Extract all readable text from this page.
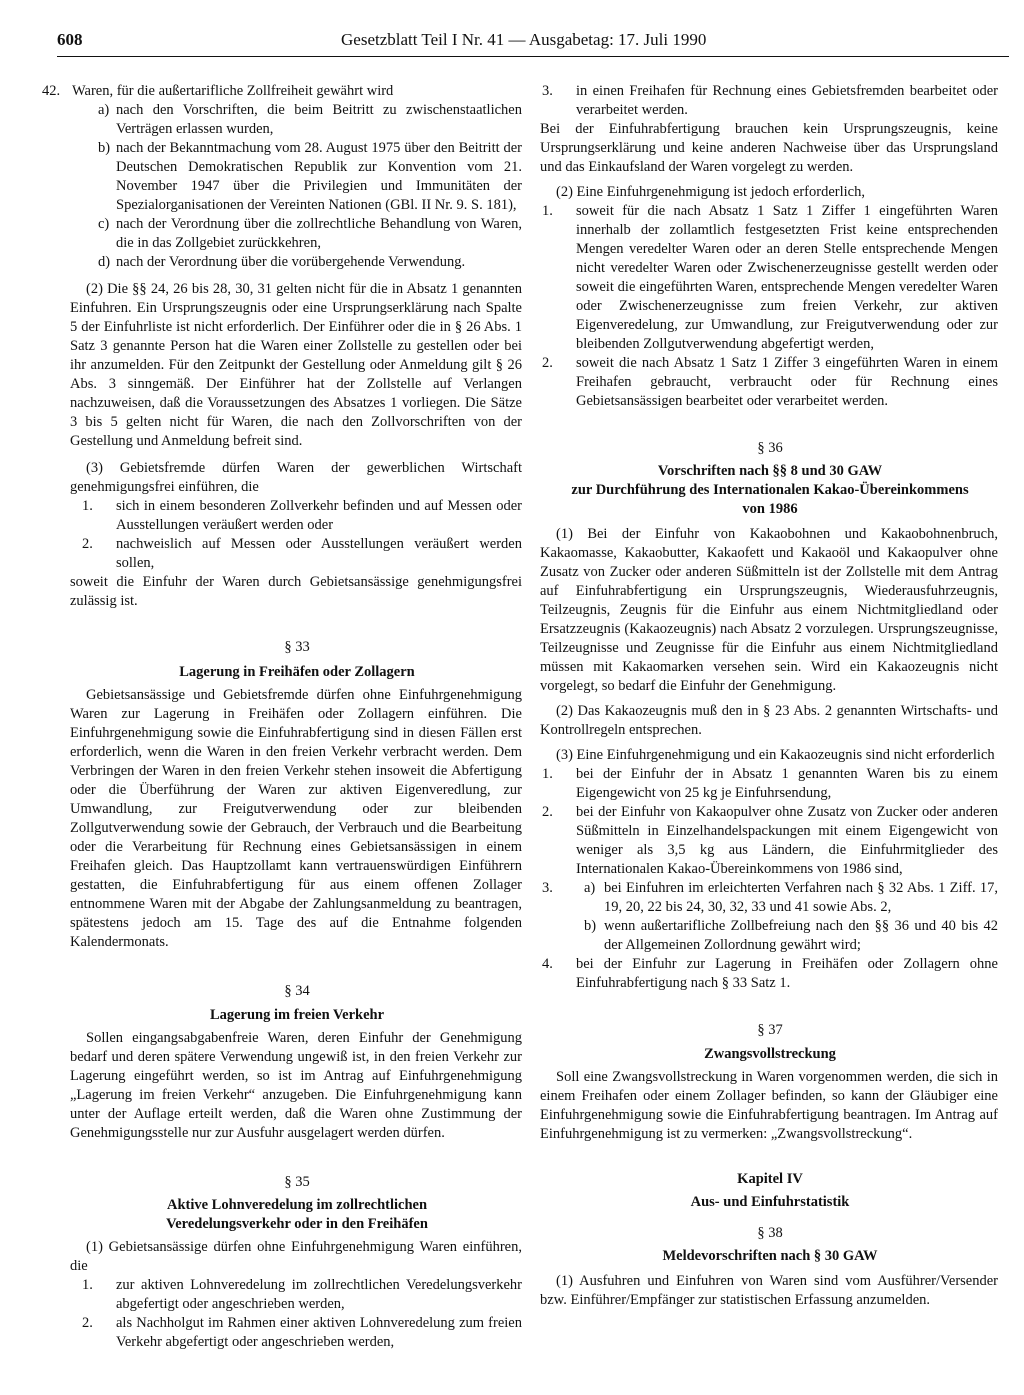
608	Gesetzblatt Teil I Nr. 41 — Ausgabetag: 17. Juli 1990
42. Waren, für die außertarifliche Zollfreiheit gewährt wird
a) nach den Vorschriften, die beim Beitritt zu zwischenstaatlichen Verträgen erlassen wurden,
b) nach der Bekanntmachung vom 28. August 1975 über den Beitritt der Deutschen Demokratischen Republik zur Konvention vom 21. November 1947 über die Privilegien und Immunitäten der Spezialorganisationen der Vereinten Nationen (GBl. II Nr. 9. S. 181),
c) nach der Verordnung über die zollrechtliche Behandlung von Waren, die in das Zollgebiet zurückkehren,
d) nach der Verordnung über die vorübergehende Verwendung.

(2) Die §§ 24, 26 bis 28, 30, 31 gelten nicht für die in Absatz 1 genannten Einfuhren. Ein Ursprungszeugnis oder eine Ursprungserklärung nach Spalte 5 der Einfuhrliste ist nicht erforderlich. Der Einführer oder die in § 26 Abs. 1 Satz 3 genannte Person hat die Waren einer Zollstelle zu gestellen oder bei ihr anzumelden. Für den Zeitpunkt der Gestellung oder Anmeldung gilt § 26 Abs. 3 sinngemäß. Der Einführer hat der Zollstelle auf Verlangen nachzuweisen, daß die Voraussetzungen des Absatzes 1 vorliegen. Die Sätze 3 bis 5 gelten nicht für Waren, die nach den Zollvorschriften von der Gestellung und Anmeldung befreit sind.

(3) Gebietsfremde dürfen Waren der gewerblichen Wirtschaft genehmigungsfrei einführen, die

1. sich in einem besonderen Zollverkehr befinden und auf Messen oder Ausstellungen veräußert werden oder
2. nachweislich auf Messen oder Ausstellungen veräußert werden sollen,

soweit die Einfuhr der Waren durch Gebietsansässige genehmigungsfrei zulässig ist.

§ 33
Lagerung in Freihäfen oder Zollagern

Gebietsansässige und Gebietsfremde dürfen ohne Einfuhrgenehmigung Waren zur Lagerung in Freihäfen oder Zollagern einführen. Die Einfuhrgenehmigung sowie die Einfuhrabfertigung sind in diesen Fällen erst erforderlich, wenn die Waren in den freien Verkehr verbracht werden. Dem Verbringen der Waren in den freien Verkehr stehen insoweit die Abfertigung oder die Überführung der Waren zur aktiven Eigenveredlung, zur Umwandlung, zur Freigutverwendung oder zur bleibenden Zollgutverwendung sowie der Gebrauch, der Verbrauch und die Bearbeitung oder die Verarbeitung für Rechnung eines Gebietsansässigen in einem Freihafen gleich. Das Hauptzollamt kann vertrauenswürdigen Einführern gestatten, die Einfuhrabfertigung für aus einem offenen Zollager entnommene Waren mit der Abgabe der Zahlungsanmeldung zu beantragen, spätestens jedoch am 15. Tage des auf die Entnahme folgenden Kalendermonats.

§ 34
Lagerung im freien Verkehr

Sollen eingangsabgabenfreie Waren, deren Einfuhr der Genehmigung bedarf und deren spätere Verwendung ungewiß ist, in den freien Verkehr zur Lagerung eingeführt werden, so ist im Antrag auf Einfuhrgenehmigung „Lagerung im freien Verkehr“ anzugeben. Die Einfuhrgenehmigung kann unter der Auflage erteilt werden, daß die Waren ohne Zustimmung der Genehmigungsstelle nur zur Ausfuhr ausgelagert werden dürfen.

§ 35
Aktive Lohnveredelung im zollrechtlichen
Veredelungsverkehr oder in den Freihäfen

(1) Gebietsansässige dürfen ohne Einfuhrgenehmigung Waren einführen, die

1. zur aktiven Lohnveredelung im zollrechtlichen Veredelungsverkehr abgefertigt oder angeschrieben werden,
2. als Nachholgut im Rahmen einer aktiven Lohnveredelung zum freien Verkehr abgefertigt oder angeschrieben werden,
3. in einen Freihafen für Rechnung eines Gebietsfremden bearbeitet oder verarbeitet werden.

Bei der Einfuhrabfertigung brauchen kein Ursprungszeugnis, keine Ursprungserklärung und keine anderen Nachweise über das Ursprungsland und das Einkaufsland der Waren vorgelegt zu werden.

(2) Eine Einfuhrgenehmigung ist jedoch erforderlich,

1. soweit für die nach Absatz 1 Satz 1 Ziffer 1 eingeführten Waren innerhalb der zollamtlich festgesetzten Frist keine entsprechenden Mengen veredelter Waren oder an deren Stelle entsprechende Mengen nicht veredelter Waren oder Zwischenerzeugnisse gestellt werden oder soweit die eingeführten Waren, entsprechende Mengen veredelter Waren oder Zwischenerzeugnisse zum freien Verkehr, zur aktiven Eigenveredelung, zur Umwandlung, zur Freigutverwendung oder zur bleibenden Zollgutverwendung abgefertigt werden,
2. soweit die nach Absatz 1 Satz 1 Ziffer 3 eingeführten Waren in einem Freihafen gebraucht, verbraucht oder für Rechnung eines Gebietsansässigen bearbeitet oder verarbeitet werden.
§ 36
Vorschriften nach §§ 8 und 30 GAW
zur Durchführung des Internationalen Kakao-Übereinkommens
von 1986

(1) Bei der Einfuhr von Kakaobohnen und Kakaobohnenbruch, Kakaomasse, Kakaobutter, Kakaofett und Kakaoöl und Kakaopulver ohne Zusatz von Zucker oder anderen Süßmitteln ist der Zollstelle mit dem Antrag auf Einfuhrabfertigung ein Ursprungszeugnis, Wiederausfuhrzeugnis, Teilzeugnis, Zeugnis für die Einfuhr aus einem Nichtmitgliedland oder Ersatzzeugnis (Kakaozeugnis) nach Absatz 2 vorzulegen. Ursprungszeugnisse, Teilzeugnisse und Zeugnisse für die Einfuhr aus einem Nichtmitgliedland müssen mit Kakaomarken versehen sein. Wird ein Kakaozeugnis nicht vorgelegt, so bedarf die Einfuhr der Genehmigung.

(2) Das Kakaozeugnis muß den in § 23 Abs. 2 genannten Wirtschafts- und Kontrollregeln entsprechen.

(3) Eine Einfuhrgenehmigung und ein Kakaozeugnis sind nicht erforderlich

1. bei der Einfuhr der in Absatz 1 genannten Waren bis zu einem Eigengewicht von 25 kg je Einfuhrsendung,
2. bei der Einfuhr von Kakaopulver ohne Zusatz von Zucker oder anderen Süßmitteln in Einzelhandelspackungen mit einem Eigengewicht von weniger als 3,5 kg aus Ländern, die Einfuhrmitglieder des Internationalen Kakao-Übereinkommens von 1986 sind,
3. a) bei Einfuhren im erleichterten Verfahren nach § 32 Abs. 1 Ziff. 17, 19, 20, 22 bis 24, 30, 32, 33 und 41 sowie Abs. 2,
b) wenn außertarifliche Zollbefreiung nach den §§ 36 und 40 bis 42 der Allgemeinen Zollordnung gewährt wird;
4. bei der Einfuhr zur Lagerung in Freihäfen oder Zollagern ohne Einfuhrabfertigung nach § 33 Satz 1.
§ 37
Zwangsvollstreckung

Soll eine Zwangsvollstreckung in Waren vorgenommen werden, die sich in einem Freihafen oder einem Zollager befinden, so kann der Gläubiger eine Einfuhrgenehmigung sowie die Einfuhrabfertigung beantragen. Im Antrag auf Einfuhrgenehmigung ist zu vermerken: „Zwangsvollstreckung“.

Kapitel IV
Aus- und Einfuhrstatistik
§ 38
Meldevorschriften nach § 30 GAW

(1) Ausfuhren und Einfuhren von Waren sind vom Ausführer/Versender bzw. Einführer/Empfänger zur statistischen Erfassung anzumelden.
